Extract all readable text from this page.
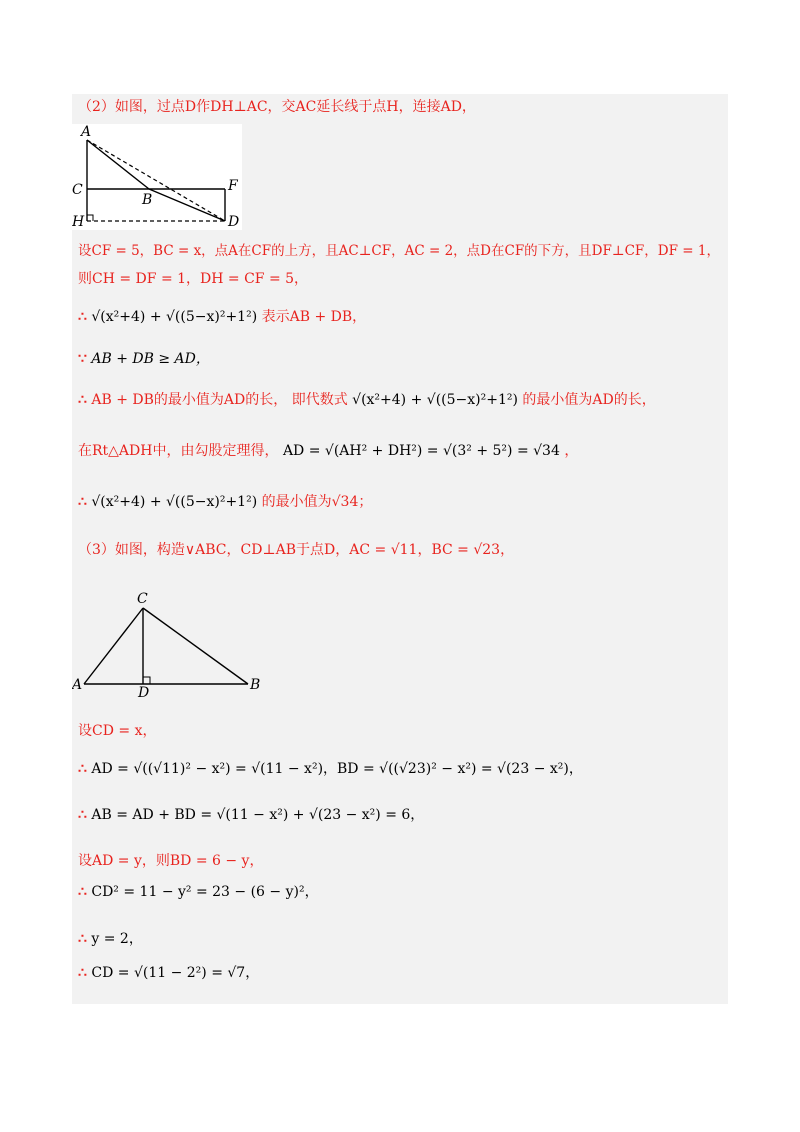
（2）如图，过点D作DH⊥AC，交AC延长线于点H，连接AD，
A
C
H
B
F
D
设CF = 5，BC = x，点A在CF的上方，且AC⊥CF，AC = 2，点D在CF的下方，且DF⊥CF，DF = 1，
则CH = DF = 1，DH = CF = 5，
∴ √(x²+4) + √((5−x)²+1²) 表示AB + DB，
∵ AB + DB ≥ AD，
∴ AB + DB的最小值为AD的长， 即代数式 √(x²+4) + √((5−x)²+1²) 的最小值为AD的长，
在Rt△ADH中，由勾股定理得， AD = √(AH² + DH²) = √(3² + 5²) = √34 ，
∴ √(x²+4) + √((5−x)²+1²) 的最小值为√34；
（3）如图，构造∨ABC，CD⊥AB于点D，AC = √11，BC = √23，
C
A	D	B
设CD = x，
∴ AD = √((√11)² − x²) = √(11 − x²)，BD = √((√23)² − x²) = √(23 − x²)，
∴ AB = AD + BD = √(11 − x²) + √(23 − x²) = 6，
设AD = y，则BD = 6 − y，
∴ CD² = 11 − y² = 23 − (6 − y)²，
∴ y = 2，
∴ CD = √(11 − 2²) = √7，
